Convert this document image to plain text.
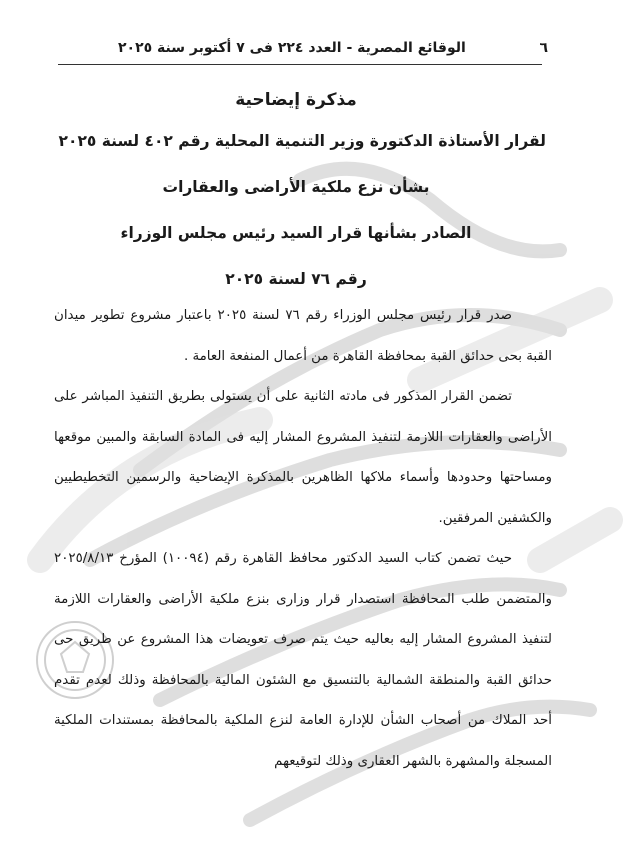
٦
الوقائع المصرية - العدد ٢٢٤ فى ٧ أكتوبر سنة ٢٠٢٥

مذكرة إيضاحية

لقرار الأستاذة الدكتورة وزير التنمية المحلية رقم ٤٠٢ لسنة ٢٠٢٥

بشأن نزع ملكية الأراضى والعقارات

الصادر بشأنها قرار السيد رئيس مجلس الوزراء

رقم ٧٦ لسنة ٢٠٢٥

صدر قرار رئيس مجلس الوزراء رقم ٧٦ لسنة ٢٠٢٥ باعتبار مشروع تطوير ميدان القبة بحى حدائق القبة بمحافظة القاهرة من أعمال المنفعة العامة .

تضمن القرار المذكور فى مادته الثانية على أن يستولى بطريق التنفيذ المباشر على الأراضى والعقارات اللازمة لتنفيذ المشروع المشار إليه فى المادة السابقة والمبين موقعها ومساحتها وحدودها وأسماء ملاكها الظاهرين بالمذكرة الإيضاحية والرسمين التخطيطيين والكشفين المرفقين.

حيث تضمن كتاب السيد الدكتور محافظ القاهرة رقم (١٠٠٩٤) المؤرخ ٢٠٢٥/٨/١٣ والمتضمن طلب المحافظة استصدار قرار وزارى بنزع ملكية الأراضى والعقارات اللازمة لتنفيذ المشروع المشار إليه بعاليه حيث يتم صرف تعويضات هذا المشروع عن طريق حى حدائق القبة والمنطقة الشمالية بالتنسيق مع الشئون المالية بالمحافظة وذلك لعدم تقدم أحد الملاك من أصحاب الشأن للإدارة العامة لنزع الملكية بالمحافظة بمستندات الملكية المسجلة والمشهرة بالشهر العقارى وذلك لتوقيعهم
